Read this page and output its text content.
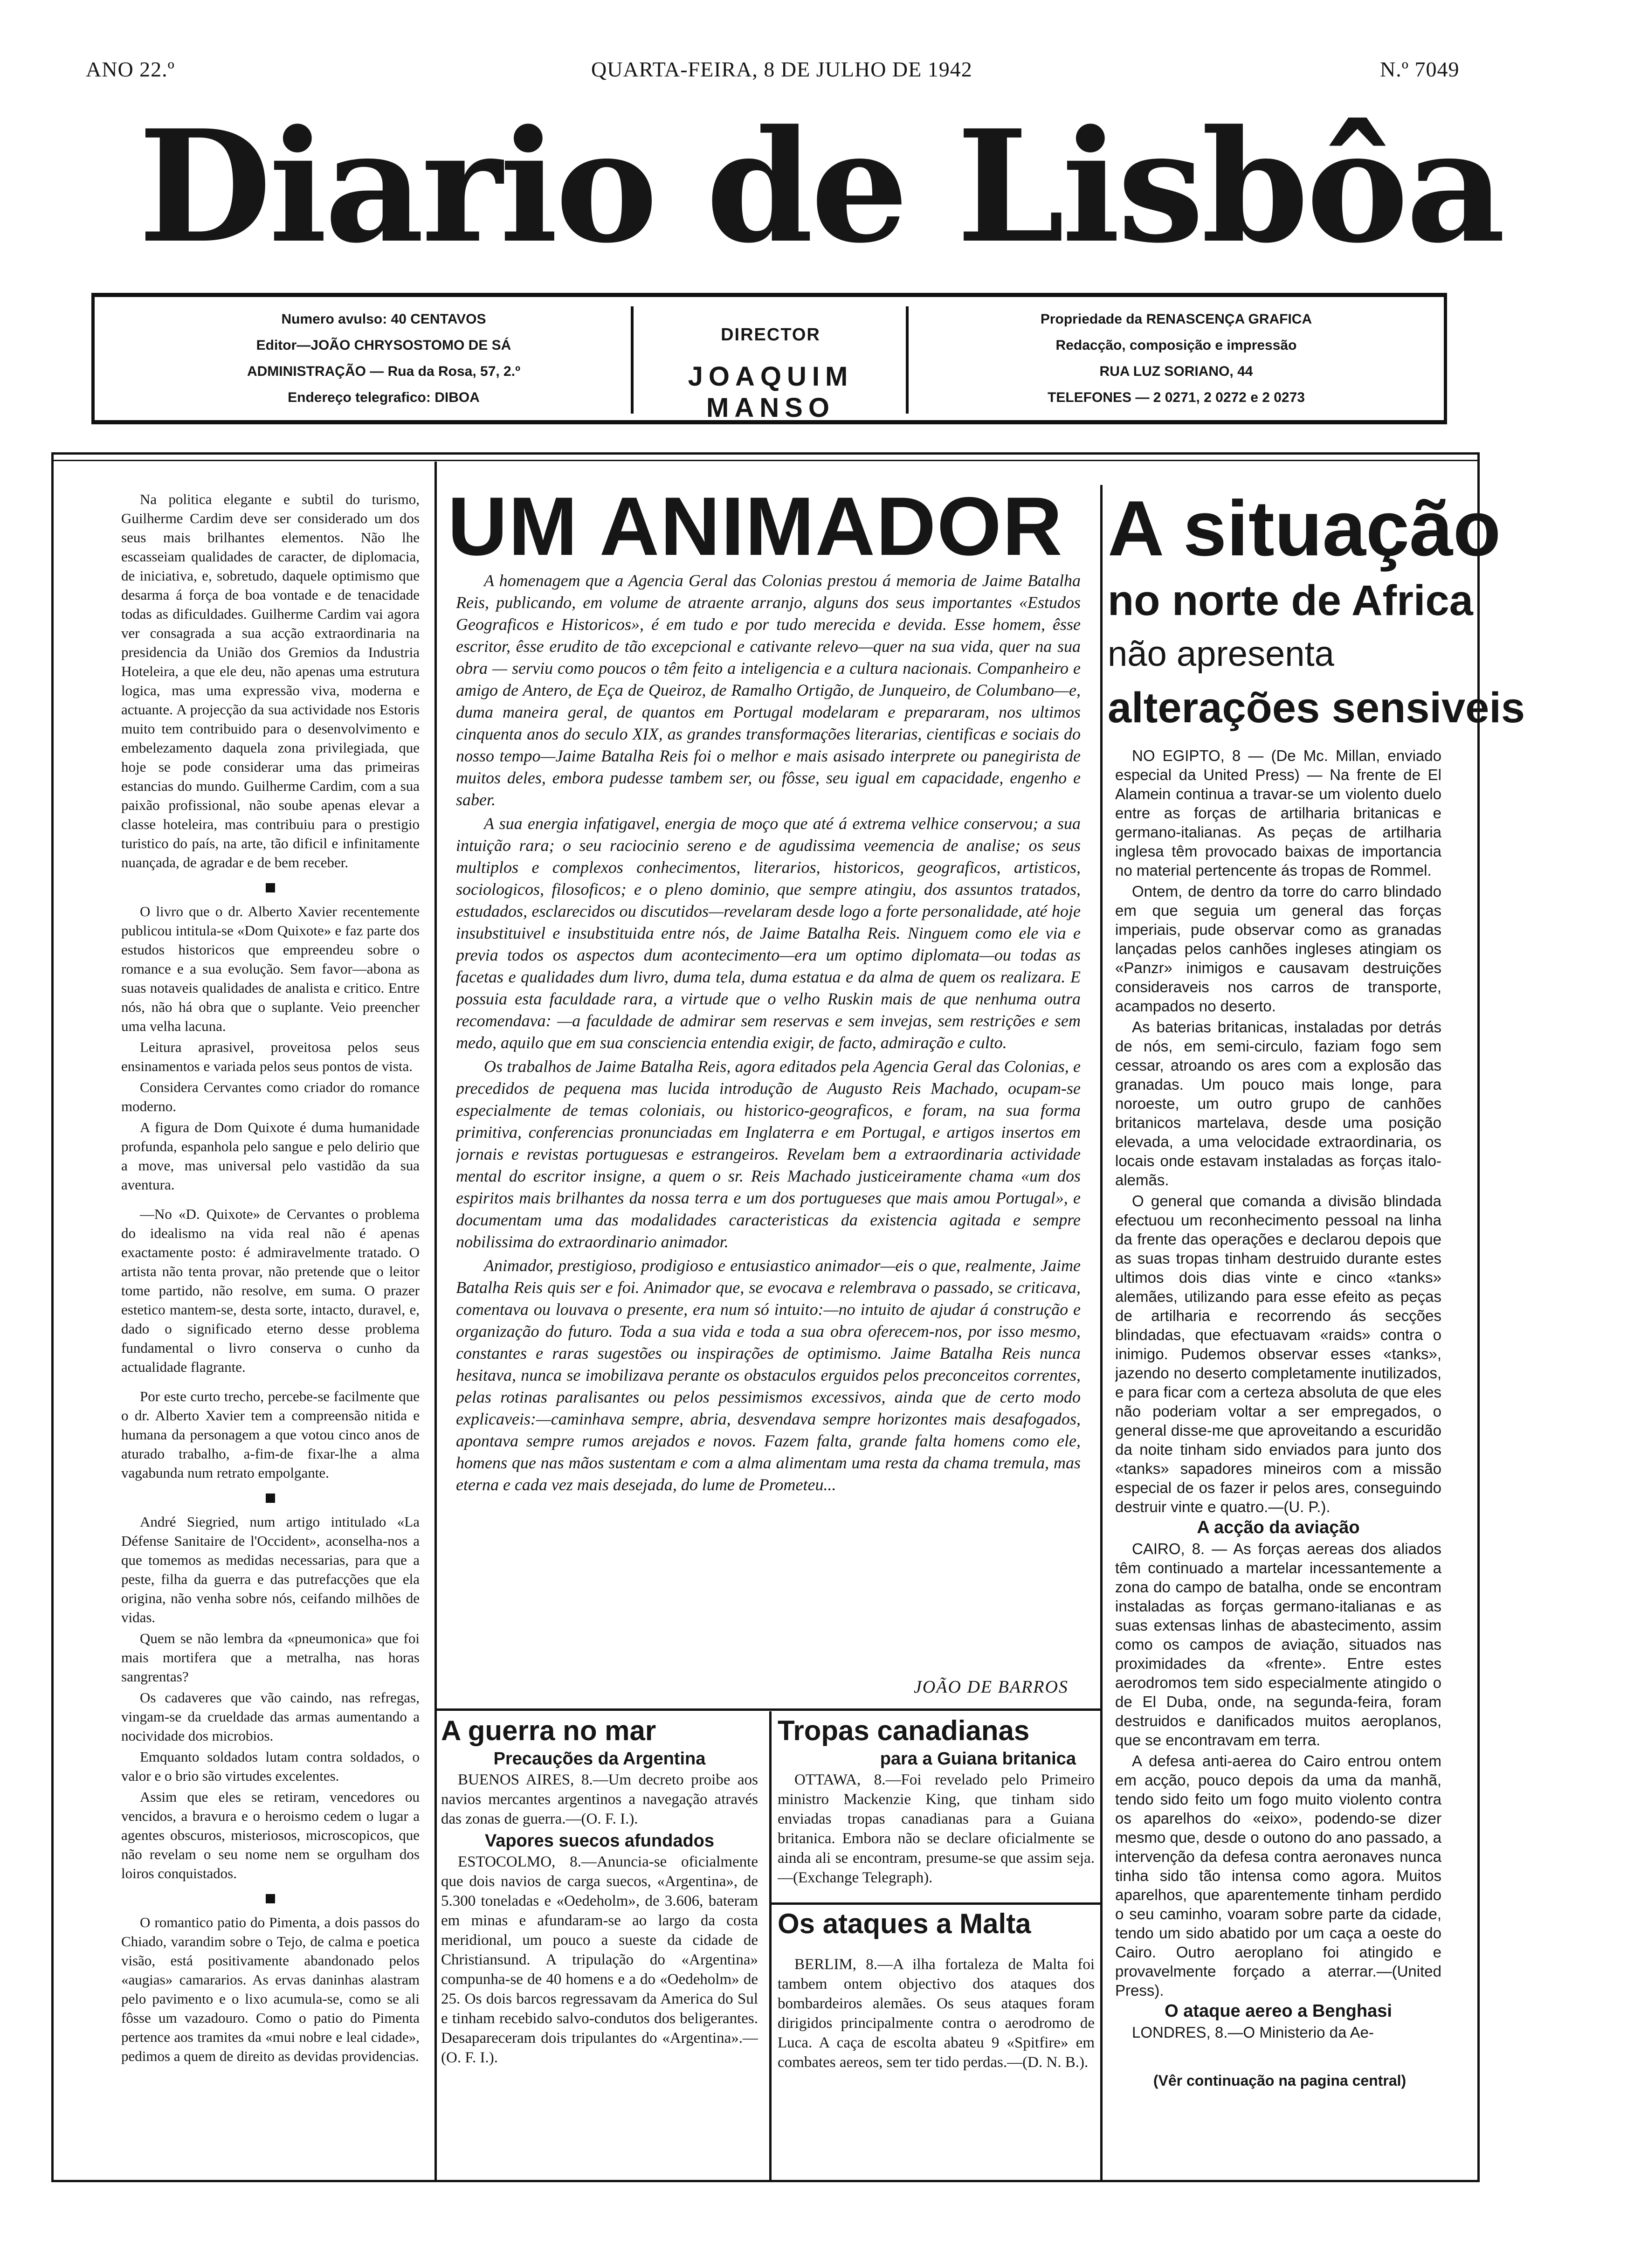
ANO 22.º	QUARTA-FEIRA, 8 DE JULHO DE 1942	N.º 7049
Diario de Lisbôa
Numero avulso: 40 CENTAVOS
Editor—JOÃO CHRYSOSTOMO DE SÁ
ADMINISTRAÇÃO — Rua da Rosa, 57, 2.º
Endereço telegrafico: DIBOA
DIRECTOR
JOAQUIM MANSO
Propriedade da RENASCENÇA GRAFICA
Redacção, composição e impressão
RUA LUZ SORIANO, 44
TELEFONES — 2 0271, 2 0272 e 2 0273

Na politica elegante e subtil do turismo, Guilherme Cardim deve ser considerado um dos seus mais brilhantes elementos. Não lhe escasseiam qualidades de caracter, de diplomacia, de iniciativa, e, sobretudo, daquele optimismo que desarma á força de boa vontade e de tenacidade todas as dificuldades. Guilherme Cardim vai agora ver consagrada a sua acção extraordinaria na presidencia da União dos Gremios da Industria Hoteleira, a que ele deu, não apenas uma estrutura logica, mas uma expressão viva, moderna e actuante. A projecção da sua actividade nos Estoris muito tem contribuido para o desenvolvimento e embelezamento daquela zona privilegiada, que hoje se pode considerar uma das primeiras estancias do mundo. Guilherme Cardim, com a sua paixão profissional, não soube apenas elevar a classe hoteleira, mas contribuiu para o prestigio turistico do país, na arte, tão dificil e infinitamente nuançada, de agradar e de bem receber.

O livro que o dr. Alberto Xavier recentemente publicou intitula-se «Dom Quixote» e faz parte dos estudos historicos que empreendeu sobre o romance e a sua evolução. Sem favor—abona as suas notaveis qualidades de analista e critico. Entre nós, não há obra que o suplante. Veio preencher uma velha lacuna.

Leitura aprasivel, proveitosa pelos seus ensinamentos e variada pelos seus pontos de vista.

Considera Cervantes como criador do romance moderno.

A figura de Dom Quixote é duma humanidade profunda, espanhola pelo sangue e pelo delirio que a move, mas universal pelo vastidão da sua aventura.

—No «D. Quixote» de Cervantes o problema do idealismo na vida real não é apenas exactamente posto: é admiravelmente tratado. O artista não tenta provar, não pretende que o leitor tome partido, não resolve, em suma. O prazer estetico mantem-se, desta sorte, intacto, duravel, e, dado o significado eterno desse problema fundamental o livro conserva o cunho da actualidade flagrante.

Por este curto trecho, percebe-se facilmente que o dr. Alberto Xavier tem a compreensão nitida e humana da personagem a que votou cinco anos de aturado trabalho, a-fim-de fixar-lhe a alma vagabunda num retrato empolgante.

André Siegried, num artigo intitulado «La Défense Sanitaire de l'Occident», aconselha-nos a que tomemos as medidas necessarias, para que a peste, filha da guerra e das putrefacções que ela origina, não venha sobre nós, ceifando milhões de vidas.

Quem se não lembra da «pneumonica» que foi mais mortifera que a metralha, nas horas sangrentas?

Os cadaveres que vão caindo, nas refregas, vingam-se da crueldade das armas aumentando a nocividade dos microbios.

Emquanto soldados lutam contra soldados, o valor e o brio são virtudes excelentes.

Assim que eles se retiram, vencedores ou vencidos, a bravura e o heroismo cedem o lugar a agentes obscuros, misteriosos, microscopicos, que não revelam o seu nome nem se orgulham dos loiros conquistados.

O romantico patio do Pimenta, a dois passos do Chiado, varandim sobre o Tejo, de calma e poetica visão, está positivamente abandonado pelos «augias» camararios. As ervas daninhas alastram pelo pavimento e o lixo acumula-se, como se ali fôsse um vazadouro. Como o patio do Pimenta pertence aos tramites da «mui nobre e leal cidade», pedimos a quem de direito as devidas providencias.

UM ANIMADOR

A homenagem que a Agencia Geral das Colonias prestou á memoria de Jaime Batalha Reis, publicando, em volume de atraente arranjo, alguns dos seus importantes «Estudos Geograficos e Historicos», é em tudo e por tudo merecida e devida. Esse homem, êsse escritor, êsse erudito de tão excepcional e cativante relevo—quer na sua vida, quer na sua obra — serviu como poucos o têm feito a inteligencia e a cultura nacionais. Companheiro e amigo de Antero, de Eça de Queiroz, de Ramalho Ortigão, de Junqueiro, de Columbano—e, duma maneira geral, de quantos em Portugal modelaram e prepararam, nos ultimos cinquenta anos do seculo XIX, as grandes transformações literarias, cientificas e sociais do nosso tempo—Jaime Batalha Reis foi o melhor e mais asisado interprete ou panegirista de muitos deles, embora pudesse tambem ser, ou fôsse, seu igual em capacidade, engenho e saber.

A sua energia infatigavel, energia de moço que até á extrema velhice conservou; a sua intuição rara; o seu raciocinio sereno e de agudissima veemencia de analise; os seus multiplos e complexos conhecimentos, literarios, historicos, geograficos, artisticos, sociologicos, filosoficos; e o pleno dominio, que sempre atingiu, dos assuntos tratados, estudados, esclarecidos ou discutidos—revelaram desde logo a forte personalidade, até hoje insubstituivel e insubstituida entre nós, de Jaime Batalha Reis. Ninguem como ele via e previa todos os aspectos dum acontecimento—era um optimo diplomata—ou todas as facetas e qualidades dum livro, duma tela, duma estatua e da alma de quem os realizara. E possuia esta faculdade rara, a virtude que o velho Ruskin mais de que nenhuma outra recomendava: —a faculdade de admirar sem reservas e sem invejas, sem restrições e sem medo, aquilo que em sua consciencia entendia exigir, de facto, admiração e culto.

Os trabalhos de Jaime Batalha Reis, agora editados pela Agencia Geral das Colonias, e precedidos de pequena mas lucida introdução de Augusto Reis Machado, ocupam-se especialmente de temas coloniais, ou historico-geograficos, e foram, na sua forma primitiva, conferencias pronunciadas em Inglaterra e em Portugal, e artigos insertos em jornais e revistas portuguesas e estrangeiros. Revelam bem a extraordinaria actividade mental do escritor insigne, a quem o sr. Reis Machado justiceiramente chama «um dos espiritos mais brilhantes da nossa terra e um dos portugueses que mais amou Portugal», e documentam uma das modalidades caracteristicas da existencia agitada e sempre nobilissima do extraordinario animador.

Animador, prestigioso, prodigioso e entusiastico animador—eis o que, realmente, Jaime Batalha Reis quis ser e foi. Animador que, se evocava e relembrava o passado, se criticava, comentava ou louvava o presente, era num só intuito:—no intuito de ajudar á construção e organização do futuro. Toda a sua vida e toda a sua obra oferecem-nos, por isso mesmo, constantes e raras sugestões ou inspirações de optimismo. Jaime Batalha Reis nunca hesitava, nunca se imobilizava perante os obstaculos erguidos pelos preconceitos correntes, pelas rotinas paralisantes ou pelos pessimismos excessivos, ainda que de certo modo explicaveis:—caminhava sempre, abria, desvendava sempre horizontes mais desafogados, apontava sempre rumos arejados e novos. Fazem falta, grande falta homens como ele, homens que nas mãos sustentam e com a alma alimentam uma resta da chama tremula, mas eterna e cada vez mais desejada, do lume de Prometeu...

JOÃO DE BARROS
A situação
no norte de Africa
não apresenta
alterações sensiveis

NO EGIPTO, 8 — (De Mc. Millan, enviado especial da United Press) — Na frente de El Alamein continua a travar-se um violento duelo entre as forças de artilharia britanicas e germano-italianas. As peças de artilharia inglesa têm provocado baixas de importancia no material pertencente ás tropas de Rommel.

Ontem, de dentro da torre do carro blindado em que seguia um general das forças imperiais, pude observar como as granadas lançadas pelos canhões ingleses atingiam os «Panzr» inimigos e causavam destruições consideraveis nos carros de transporte, acampados no deserto.

As baterias britanicas, instaladas por detrás de nós, em semi-circulo, faziam fogo sem cessar, atroando os ares com a explosão das granadas. Um pouco mais longe, para noroeste, um outro grupo de canhões britanicos martelava, desde uma posição elevada, a uma velocidade extraordinaria, os locais onde estavam instaladas as forças italo-alemãs.

O general que comanda a divisão blindada efectuou um reconhecimento pessoal na linha da frente das operações e declarou depois que as suas tropas tinham destruido durante estes ultimos dois dias vinte e cinco «tanks» alemães, utilizando para esse efeito as peças de artilharia e recorrendo ás secções blindadas, que efectuavam «raids» contra o inimigo. Pudemos observar esses «tanks», jazendo no deserto completamente inutilizados, e para ficar com a certeza absoluta de que eles não poderiam voltar a ser empregados, o general disse-me que aproveitando a escuridão da noite tinham sido enviados para junto dos «tanks» sapadores mineiros com a missão especial de os fazer ir pelos ares, conseguindo destruir vinte e quatro.—(U. P.).

A acção da aviação

CAIRO, 8. — As forças aereas dos aliados têm continuado a martelar incessantemente a zona do campo de batalha, onde se encontram instaladas as forças germano-italianas e as suas extensas linhas de abastecimento, assim como os campos de aviação, situados nas proximidades da «frente». Entre estes aerodromos tem sido especialmente atingido o de El Duba, onde, na segunda-feira, foram destruidos e danificados muitos aeroplanos, que se encontravam em terra.

A defesa anti-aerea do Cairo entrou ontem em acção, pouco depois da uma da manhã, tendo sido feito um fogo muito violento contra os aparelhos do «eixo», podendo-se dizer mesmo que, desde o outono do ano passado, a intervenção da defesa contra aeronaves nunca tinha sido tão intensa como agora. Muitos aparelhos, que aparentemente tinham perdido o seu caminho, voaram sobre parte da cidade, tendo um sido abatido por um caça a oeste do Cairo. Outro aeroplano foi atingido e provavelmente forçado a aterrar.—(United Press).

O ataque aereo a Benghasi

LONDRES, 8.—O Ministerio da Ae-

(Vêr continuação na pagina central)
A guerra no mar
Precauções da Argentina

BUENOS AIRES, 8.—Um decreto proibe aos navios mercantes argentinos a navegação através das zonas de guerra.—(O. F. I.).

Vapores suecos afundados

ESTOCOLMO, 8.—Anuncia-se oficialmente que dois navios de carga suecos, «Argentina», de 5.300 toneladas e «Oedeholm», de 3.606, bateram em minas e afundaram-se ao largo da costa meridional, um pouco a sueste da cidade de Christiansund. A tripulação do «Argentina» compunha-se de 40 homens e a do «Oedeholm» de 25. Os dois barcos regressavam da America do Sul e tinham recebido salvo-condutos dos beligerantes. Desapareceram dois tripulantes do «Argentina».—(O. F. I.).

Tropas canadianas
para a Guiana britanica

OTTAWA, 8.—Foi revelado pelo Primeiro ministro Mackenzie King, que tinham sido enviadas tropas canadianas para a Guiana britanica. Embora não se declare oficialmente se ainda ali se encontram, presume-se que assim seja.—(Exchange Telegraph).

Os ataques a Malta

BERLIM, 8.—A ilha fortaleza de Malta foi tambem ontem objectivo dos ataques dos bombardeiros alemães. Os seus ataques foram dirigidos principalmente contra o aerodromo de Luca. A caça de escolta abateu 9 «Spitfire» em combates aereos, sem ter tido perdas.—(D. N. B.).
